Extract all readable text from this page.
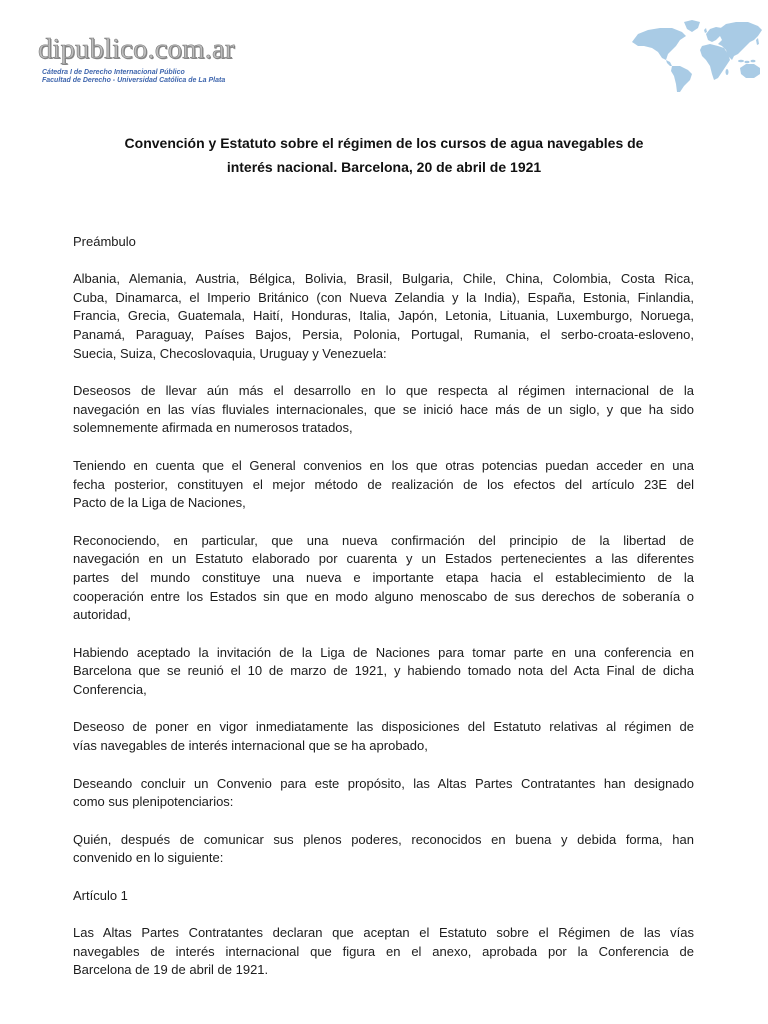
dipublico.com.ar
Cátedra I de Derecho Internacional Público
Facultad de Derecho - Universidad Católica de La Plata
Convención y Estatuto sobre el régimen de los cursos de agua navegables de
interés nacional. Barcelona, 20 de abril de 1921
Preámbulo
Albania, Alemania, Austria, Bélgica, Bolivia, Brasil, Bulgaria, Chile, China, Colombia, Costa Rica,
Cuba, Dinamarca, el Imperio Británico (con Nueva Zelandia y la India), España, Estonia, Finlandia,
Francia, Grecia, Guatemala, Haití, Honduras, Italia, Japón, Letonia, Lituania, Luxemburgo, Noruega,
Panamá, Paraguay, Países Bajos, Persia, Polonia, Portugal, Rumania, el serbo-croata-esloveno,
Suecia, Suiza, Checoslovaquia, Uruguay y Venezuela:
Deseosos de llevar aún más el desarrollo en lo que respecta al régimen internacional de la
navegación en las vías fluviales internacionales, que se inició hace más de un siglo, y que ha sido
solemnemente afirmada en numerosos tratados,
Teniendo en cuenta que el General convenios en los que otras potencias puedan acceder en una
fecha posterior, constituyen el mejor método de realización de los efectos del artículo 23E del
Pacto de la Liga de Naciones,
Reconociendo, en particular, que una nueva confirmación del principio de la libertad de
navegación en un Estatuto elaborado por cuarenta y un Estados pertenecientes a las diferentes
partes del mundo constituye una nueva e importante etapa hacia el establecimiento de la
cooperación entre los Estados sin que en modo alguno menoscabo de sus derechos de soberanía o
autoridad,
Habiendo aceptado la invitación de la Liga de Naciones para tomar parte en una conferencia en
Barcelona que se reunió el 10 de marzo de 1921, y habiendo tomado nota del Acta Final de dicha
Conferencia,
Deseoso de poner en vigor inmediatamente las disposiciones del Estatuto relativas al régimen de
vías navegables de interés internacional que se ha aprobado,
Deseando concluir un Convenio para este propósito, las Altas Partes Contratantes han designado
como sus plenipotenciarios:
Quién, después de comunicar sus plenos poderes, reconocidos en buena y debida forma, han
convenido en lo siguiente:
Artículo 1
Las Altas Partes Contratantes declaran que aceptan el Estatuto sobre el Régimen de las vías
navegables de interés internacional que figura en el anexo, aprobada por la Conferencia de
Barcelona de 19 de abril de 1921.
